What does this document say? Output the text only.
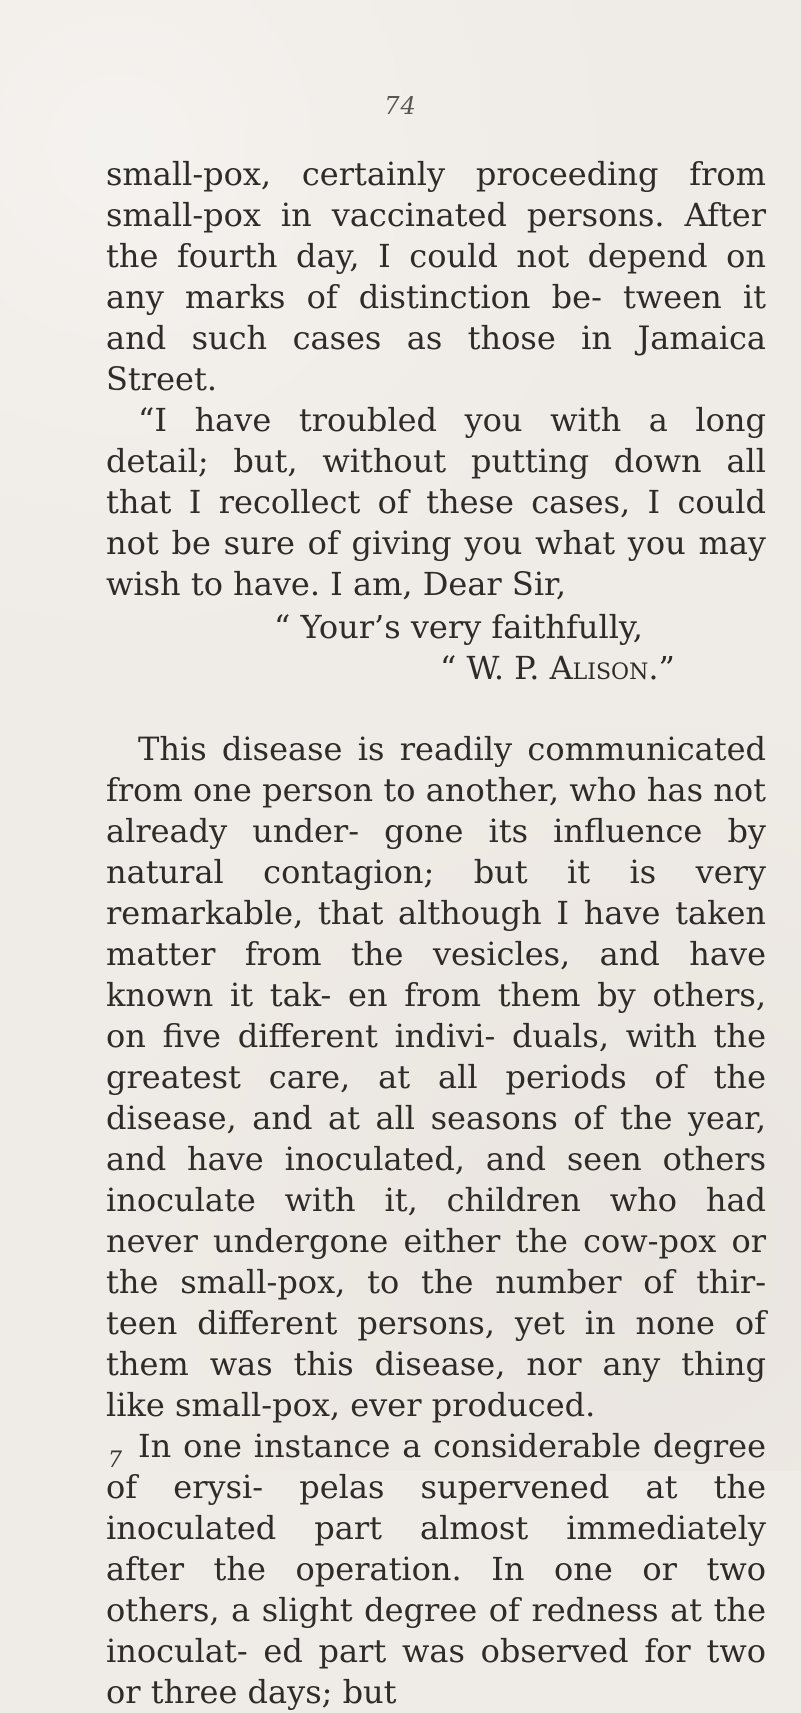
74

small-pox, certainly proceeding from small-pox in vaccinated persons. After the fourth day, I could not depend on any marks of distinction be- tween it and such cases as those in Jamaica Street.

“I have troubled you with a long detail; but, without putting down all that I recollect of these cases, I could not be sure of giving you what you may wish to have. I am, Dear Sir,

“ Your’s very faithfully,

“ W. P. Alison.”

This disease is readily communicated from one person to another, who has not already under- gone its influence by natural contagion; but it is very remarkable, that although I have taken matter from the vesicles, and have known it tak- en from them by others, on five different indivi- duals, with the greatest care, at all periods of the disease, and at all seasons of the year, and have inoculated, and seen others inoculate with it, children who had never undergone either the cow-pox or the small-pox, to the number of thir- teen different persons, yet in none of them was this disease, nor any thing like small-pox, ever produced.

In one instance a considerable degree of erysi- pelas supervened at the inoculated part almost immediately after the operation. In one or two others, a slight degree of redness at the inoculat- ed part was observed for two or three days; but

7
